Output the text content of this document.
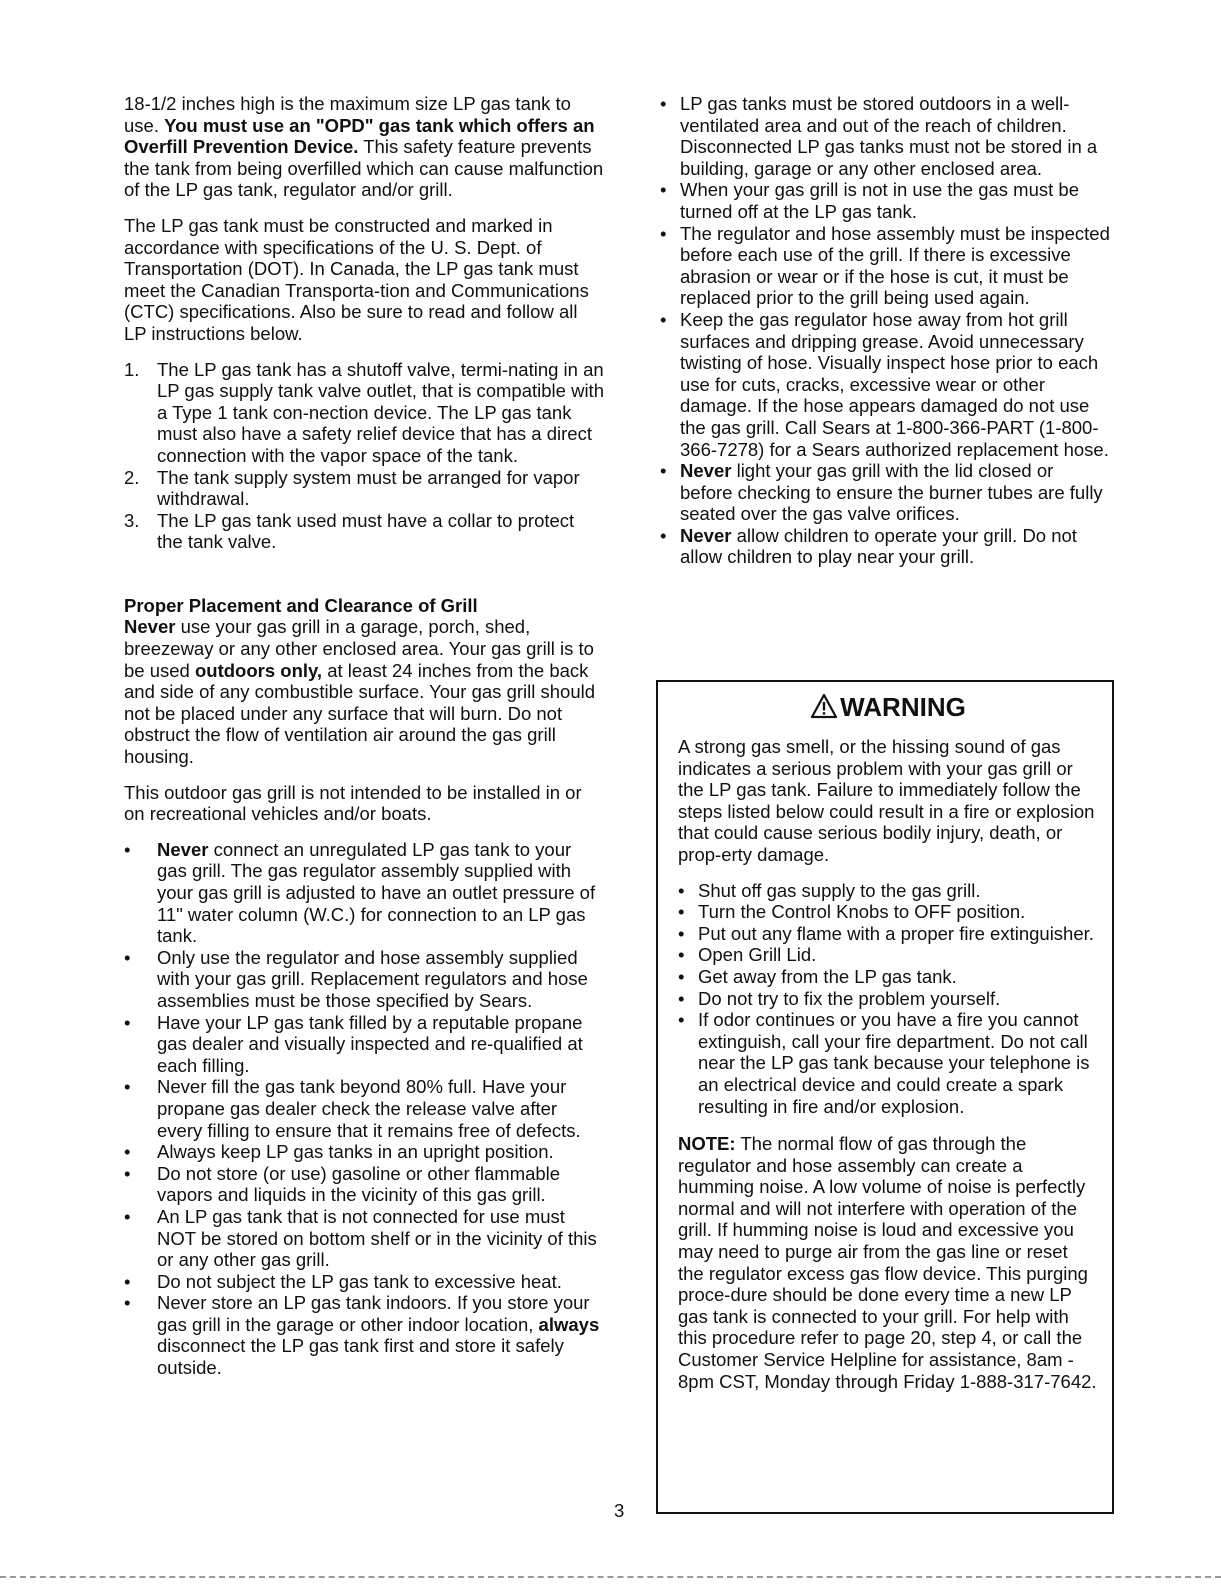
18-1/2 inches high is the maximum size LP gas tank to use. You must use an "OPD" gas tank which offers an Overfill Prevention Device. This safety feature prevents the tank from being overfilled which can cause malfunction of the LP gas tank, regulator and/or grill.

The LP gas tank must be constructed and marked in accordance with specifications of the U. S. Dept. of Transportation (DOT). In Canada, the LP gas tank must meet the Canadian Transporta-tion and Communications (CTC) specifications. Also be sure to read and follow all LP instructions below.

1. The LP gas tank has a shutoff valve, termi-nating in an LP gas supply tank valve outlet, that is compatible with a Type 1 tank con-nection device. The LP gas tank must also have a safety relief device that has a direct connection with the vapor space of the tank.
2. The tank supply system must be arranged for vapor withdrawal.
3. The LP gas tank used must have a collar to protect the tank valve.

Proper Placement and Clearance of Grill

Never use your gas grill in a garage, porch, shed, breezeway or any other enclosed area. Your gas grill is to be used outdoors only, at least 24 inches from the back and side of any combustible surface. Your gas grill should not be placed under any surface that will burn. Do not obstruct the flow of ventilation air around the gas grill housing.

This outdoor gas grill is not intended to be installed in or on recreational vehicles and/or boats.

• Never connect an unregulated LP gas tank to your gas grill. The gas regulator assembly supplied with your gas grill is adjusted to have an outlet pressure of 11" water column (W.C.) for connection to an LP gas tank.
• Only use the regulator and hose assembly supplied with your gas grill. Replacement regulators and hose assemblies must be those specified by Sears.
• Have your LP gas tank filled by a reputable propane gas dealer and visually inspected and re-qualified at each filling.
• Never fill the gas tank beyond 80% full. Have your propane gas dealer check the release valve after every filling to ensure that it remains free of defects.
• Always keep LP gas tanks in an upright position.
• Do not store (or use) gasoline or other flammable vapors and liquids in the vicinity of this gas grill.
• An LP gas tank that is not connected for use must NOT be stored on bottom shelf or in the vicinity of this or any other gas grill.
• Do not subject the LP gas tank to excessive heat.
• Never store an LP gas tank indoors. If you store your gas grill in the garage or other indoor location, always disconnect the LP gas tank first and store it safely outside.
• LP gas tanks must be stored outdoors in a well-ventilated area and out of the reach of children. Disconnected LP gas tanks must not be stored in a building, garage or any other enclosed area.
• When your gas grill is not in use the gas must be turned off at the LP gas tank.
• The regulator and hose assembly must be inspected before each use of the grill. If there is excessive abrasion or wear or if the hose is cut, it must be replaced prior to the grill being used again.
• Keep the gas regulator hose away from hot grill surfaces and dripping grease. Avoid unnecessary twisting of hose. Visually inspect hose prior to each use for cuts, cracks, excessive wear or other damage. If the hose appears damaged do not use the gas grill. Call Sears at 1-800-366-PART (1-800-366-7278) for a Sears authorized replacement hose.
• Never light your gas grill with the lid closed or before checking to ensure the burner tubes are fully seated over the gas valve orifices.
• Never allow children to operate your grill. Do not allow children to play near your grill.
WARNING

A strong gas smell, or the hissing sound of gas indicates a serious problem with your gas grill or the LP gas tank. Failure to immediately follow the steps listed below could result in a fire or explosion that could cause serious bodily injury, death, or prop-erty damage.

• Shut off gas supply to the gas grill.
• Turn the Control Knobs to OFF position.
• Put out any flame with a proper fire extinguisher.
• Open Grill Lid.
• Get away from the LP gas tank.
• Do not try to fix the problem yourself.
• If odor continues or you have a fire you cannot extinguish, call your fire department. Do not call near the LP gas tank because your telephone is an electrical device and could create a spark resulting in fire and/or explosion.

NOTE: The normal flow of gas through the regulator and hose assembly can create a humming noise. A low volume of noise is perfectly normal and will not interfere with operation of the grill. If humming noise is loud and excessive you may need to purge air from the gas line or reset the regulator excess gas flow device. This purging proce-dure should be done every time a new LP gas tank is connected to your grill. For help with this procedure refer to page 20, step 4, or call the Customer Service Helpline for assistance, 8am - 8pm CST, Monday through Friday 1-888-317-7642.

3
